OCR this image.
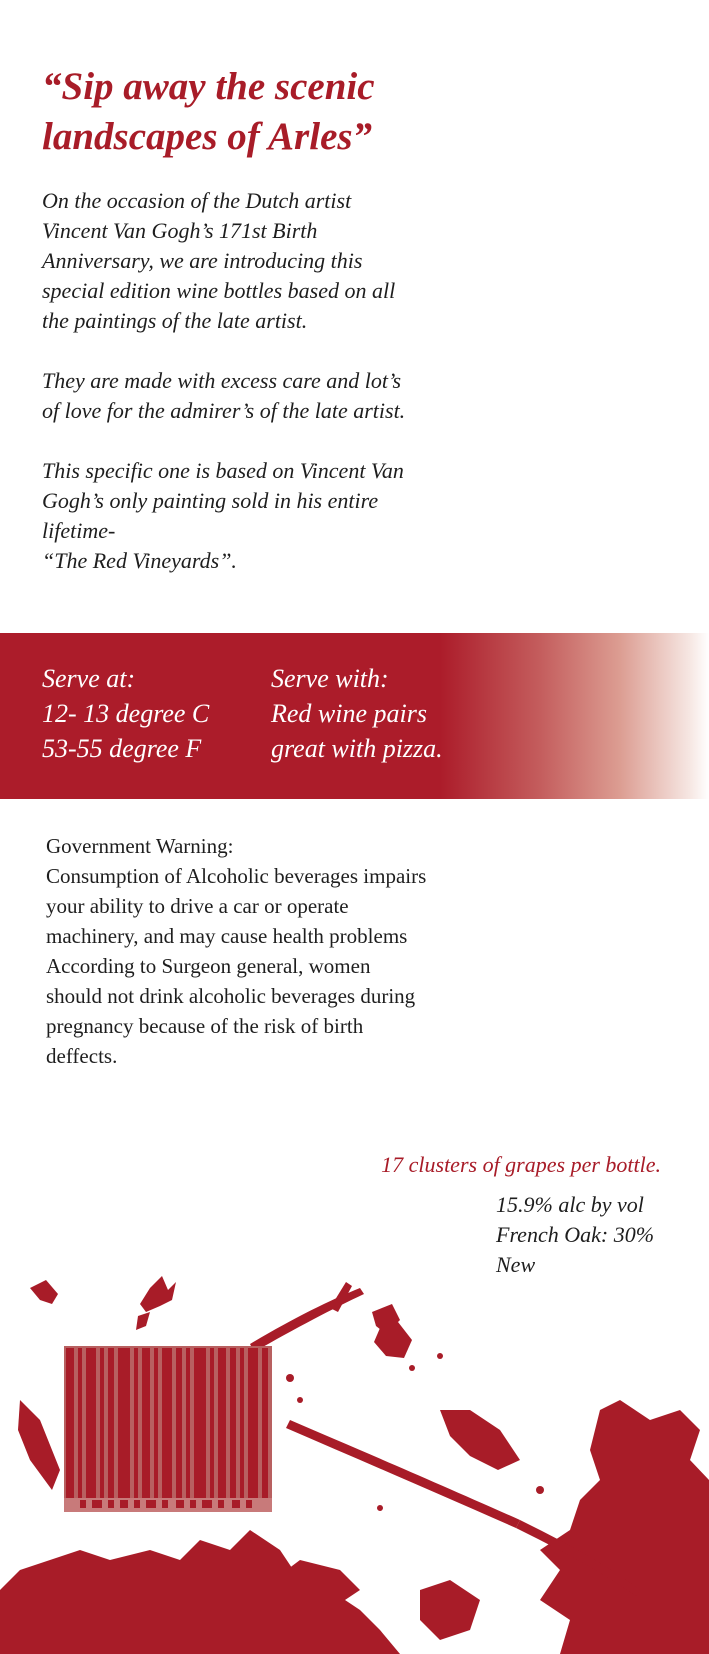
“Sip away the scenic
landscapes of Arles”

On the occasion of the Dutch artist
Vincent Van Gogh’s 171st Birth
Anniversary, we are introducing this
special edition wine bottles based on all
the paintings of the late artist.

They are made with excess care and lot’s
of love for the admirer’s of the late artist.

This specific one is based on Vincent Van
Gogh’s only painting sold in his entire
lifetime-
“The Red Vineyards”.

Serve at:
12- 13 degree C
53-55 degree F
Serve with:
Red wine pairs
great with pizza.
Government Warning:
Consumption of Alcoholic beverages impairs
your ability to drive a car or operate
machinery, and may cause health problems
According to Surgeon general, women
should not drink alcoholic beverages during
pregnancy because of the risk of birth
deffects.
17 clusters of grapes per bottle.
15.9% alc by vol
French Oak: 30%
New
